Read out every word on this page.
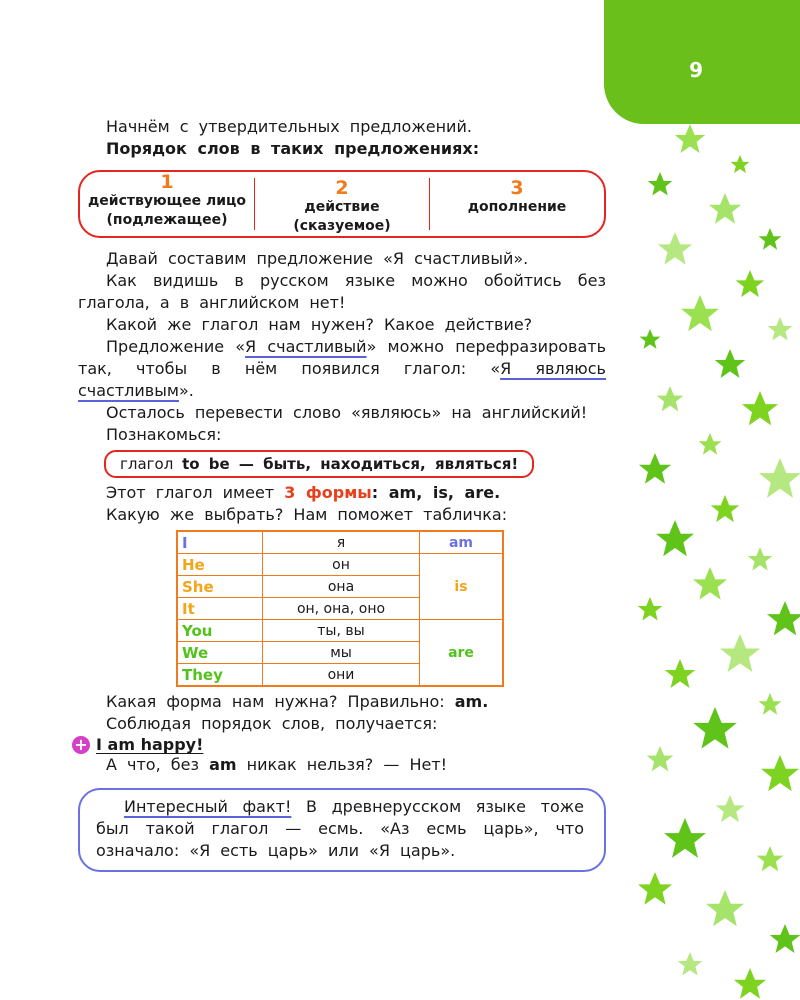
9

Начнём с утвердительных предложений.

Порядок слов в таких предложениях:

1
действующее лицо
(подлежащее)
2
действие
(сказуемое)
3
дополнение

Давай составим предложение «Я счастливый».

Как видишь в русском языке можно обойтись без глагола, а в английском нет!

Какой же глагол нам нужен? Какое действие?

Предложение «Я счастливый» можно перефразировать так, чтобы в нём появился глагол: «Я являюсь счастливым».

Осталось перевести слово «являюсь» на английский!

Познакомься:

глагол to be — быть, находиться, являться!

Этот глагол имеет 3 формы: am, is, are.

Какую же выбрать? Нам поможет табличка:

I	я	am
He	он	is
She	она	
It	он, она, оно	
You	ты, вы	are
We	мы	
They	они	

Какая форма нам нужна? Правильно: am.

Соблюдая порядок слов, получается:

+ I am happy!

А что, без am никак нельзя? — Нет!

Интересный факт! В древнерусском языке тоже был такой глагол — есмь. «Аз есмь царь», что означало: «Я есть царь» или «Я царь».
